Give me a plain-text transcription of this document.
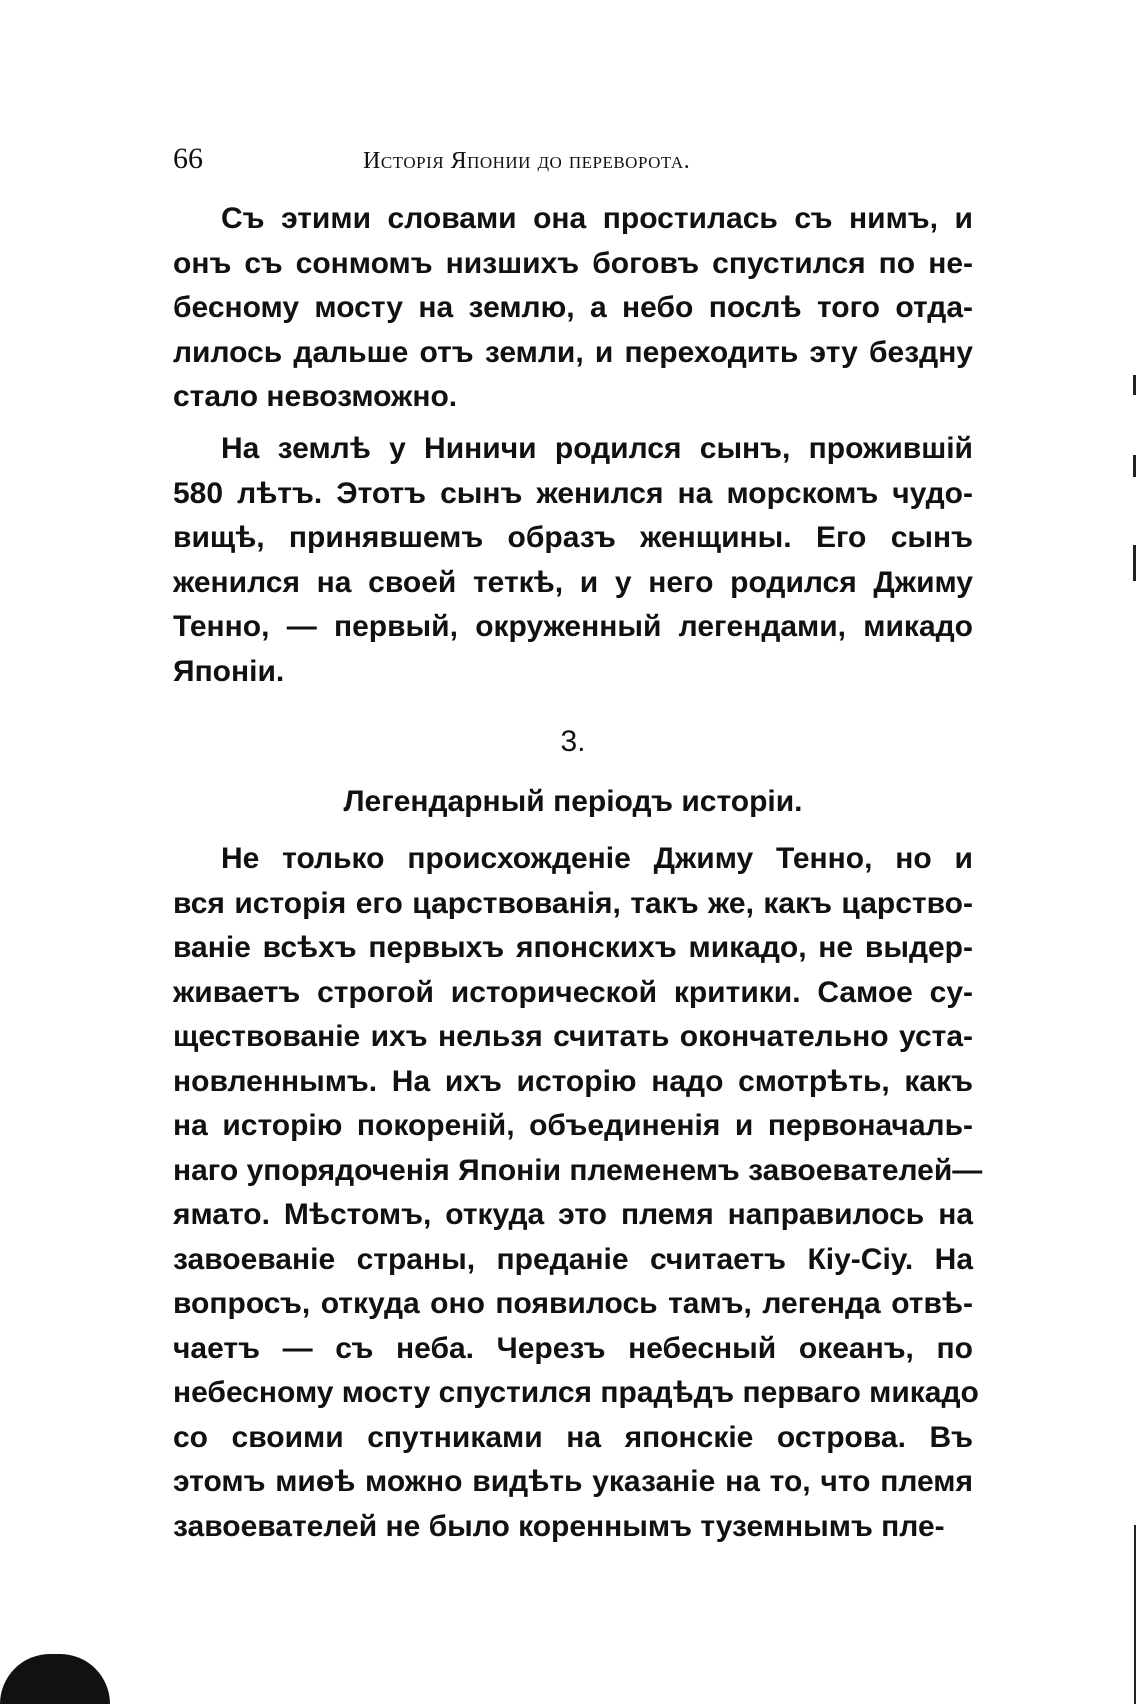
66	Исторія Японии до переворота.
Съ этими словами она простилась съ нимъ, и
онъ съ сонмомъ низшихъ боговъ спустился по не-
бесному мосту на землю, а небо послѣ того отда-
лилось дальше отъ земли, и переходить эту бездну
стало невозможно.
На землѣ у Ниничи родился сынъ, прожившій
580 лѣтъ. Этотъ сынъ женился на морскомъ чудо-
вищѣ, принявшемъ образъ женщины. Его сынъ
женился на своей теткѣ, и у него родился Джиму
Тенно, — первый, окруженный легендами, микадо
Японіи.
3.
Легендарный періодъ исторіи.
Не только происхожденіе Джиму Тенно, но и
вся исторія его царствованія, такъ же, какъ царство-
ваніе всѣхъ первыхъ японскихъ микадо, не выдер-
живаетъ строгой исторической критики. Самое су-
ществованіе ихъ нельзя считать окончательно уста-
новленнымъ. На ихъ исторію надо смотрѣть, какъ
на исторію покореній, объединенія и первоначаль-
наго упорядоченія Японіи племенемъ завоевателей—
ямато. Мѣстомъ, откуда это племя направилось на
завоеваніе страны, преданіе считаетъ Кіу-Сіу. На
вопросъ, откуда оно появилось тамъ, легенда отвѣ-
чаетъ — съ неба. Черезъ небесный океанъ, по
небесному мосту спустился прадѣдъ перваго микадо
со своими спутниками на японскіе острова. Въ
этомъ миѳѣ можно видѣть указаніе на то, что племя
завоевателей не было кореннымъ туземнымъ пле-
